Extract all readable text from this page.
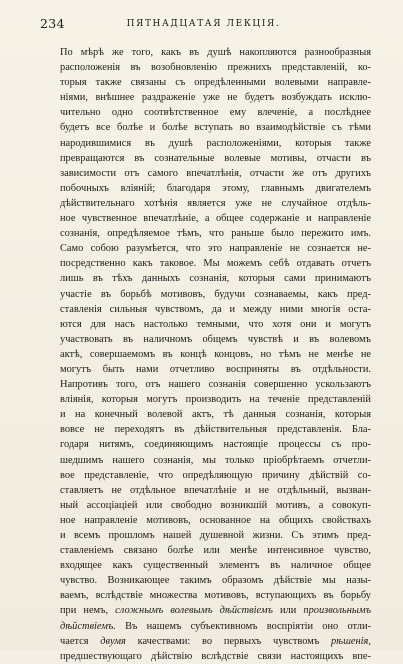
234	ПЯТНАДЦАТАЯ ЛЕКЦІЯ.
По мѣрѣ же того, какъ въ душѣ накопляются разнообразныя
расположенія въ возобновленію прежнихъ представленій, ко-
торыя также связаны съ опредѣленными волевыми направле-
ніями, внѣшнее раздраженіе уже не будетъ возбуждать исклю-
чительно одно соотвѣтственное ему влеченіе, а послѣднее
будетъ все болѣе и болѣе вступать во взаимодѣйствіе съ тѣми
народившимися въ душѣ расположеніями, которыя также
превращаются въ сознательные волевые мотивы, отчасти въ
зависимости отъ самого впечатлѣнія, отчасти же отъ другихъ
побочныхъ вліяній; благодаря этому, главнымъ двигателемъ
дѣйствительнаго хотѣнія является уже не случайное отдѣль-
ное чувственное впечатлѣніе, а общее содержаніе и направленіе
сознанія, опредѣляемое тѣмъ, что раньше было пережито имъ.
Само собою разумѣется, что это направленіе не сознается не-
посредственно какъ таковое. Мы можемъ себѣ отдавать отчетъ
лишь въ тѣхъ данныхъ сознанія, которыя сами принимаютъ
участіе въ борьбѣ мотивовъ, будучи сознаваемы, какъ пред-
ставленія сильныя чувствомъ, да и между ними многія оста-
ются для насъ настолько темными, что хотя они и могутъ
участвовать въ наличномъ общемъ чувствѣ и въ волевомъ
актѣ, совершаемомъ въ концѣ концовъ, но тѣмъ не менѣе не
могутъ быть нами отчетливо восприняты въ отдѣльности.
Напротивъ того, отъ нашего сознанія совершенно ускользаютъ
вліянія, которыя могутъ производить на теченіе представленій
и на конечный волевой актъ, тѣ данныя сознанія, которыя
вовсе не переходятъ въ дѣйствительныя представленія. Бла-
годаря нитямъ, соединяющимъ настоящіе процессы съ про-
шедшимъ нашего сознанія, мы только пріобрѣтаемъ отчетли-
вое представленіе, что опредѣляющую причину дѣйствій со-
ставляетъ не отдѣльное впечатлѣніе и не отдѣльный, вызван-
ный ассоціаціей или свободно возникшій мотивъ, а совокуп-
ное направленіе мотивовъ, основанное на общихъ свойствахъ
и всемъ прошломъ нашей душевной жизни. Съ этимъ пред-
ставленіемъ связано болѣе или менѣе интенсивное чувство,
входящее какъ существенный элементъ въ наличное общее
чувство. Возникающее такимъ образомъ дѣйствіе мы назы-
ваемъ, вслѣдствіе множества мотивовъ, вступающихъ въ борьбу
при немъ, сложнымъ волевымъ дѣйствіемъ или произвольнымъ
дѣйствіемъ. Въ нашемъ субъективномъ воспріятіи оно отли-
чается двумя качествами: во первыхъ чувствомъ рѣшенія,
предшествующаго дѣйствію вслѣдствіе связи настоящихъ впе-
